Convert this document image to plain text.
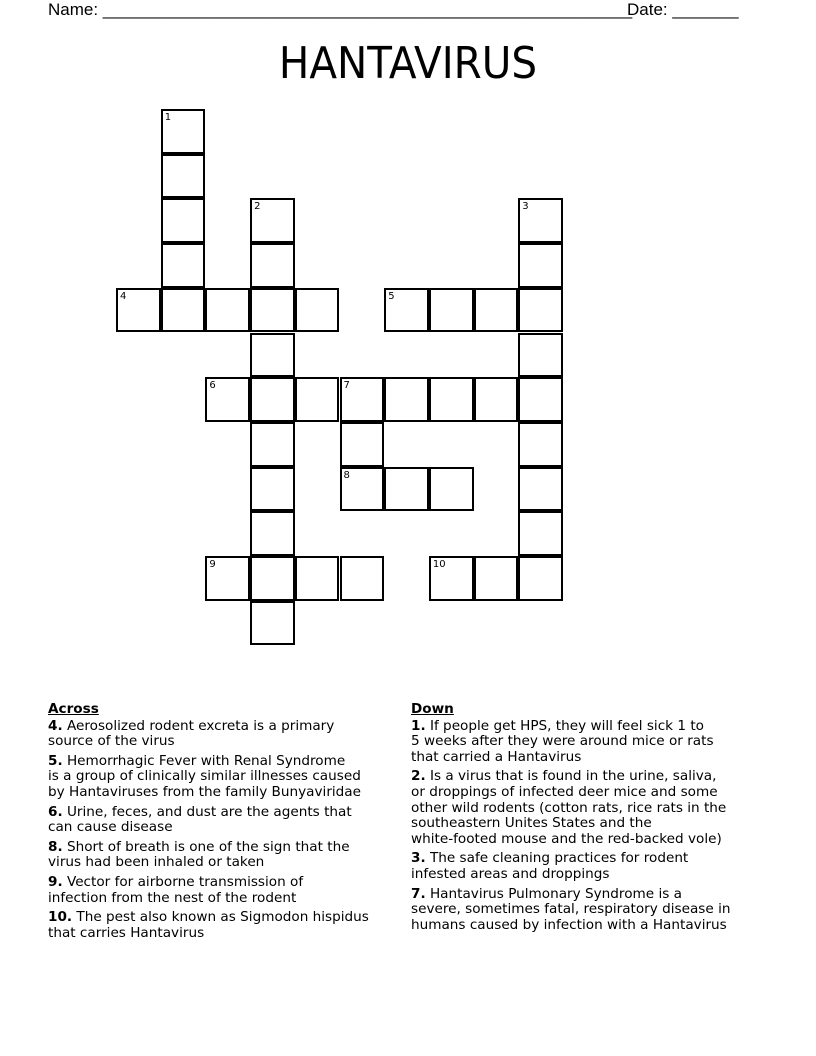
Name: ________________________________________________________
Date: _______
HANTAVIRUS
1
2	3
4	5
6	7
8
9	10
Across
4. Aerosolized rodent excreta is a primary
source of the virus
5. Hemorrhagic Fever with Renal Syndrome
is a group of clinically similar illnesses caused
by Hantaviruses from the family Bunyaviridae
6. Urine, feces, and dust are the agents that
can cause disease
8. Short of breath is one of the sign that the
virus had been inhaled or taken
9. Vector for airborne transmission of
infection from the nest of the rodent
10. The pest also known as Sigmodon hispidus
that carries Hantavirus
Down
1. If people get HPS, they will feel sick 1 to
5 weeks after they were around mice or rats
that carried a Hantavirus
2. Is a virus that is found in the urine, saliva,
or droppings of infected deer mice and some
other wild rodents (cotton rats, rice rats in the
southeastern Unites States and the
white-footed mouse and the red-backed vole)
3. The safe cleaning practices for rodent
infested areas and droppings
7. Hantavirus Pulmonary Syndrome is a
severe, sometimes fatal, respiratory disease in
humans caused by infection with a Hantavirus
